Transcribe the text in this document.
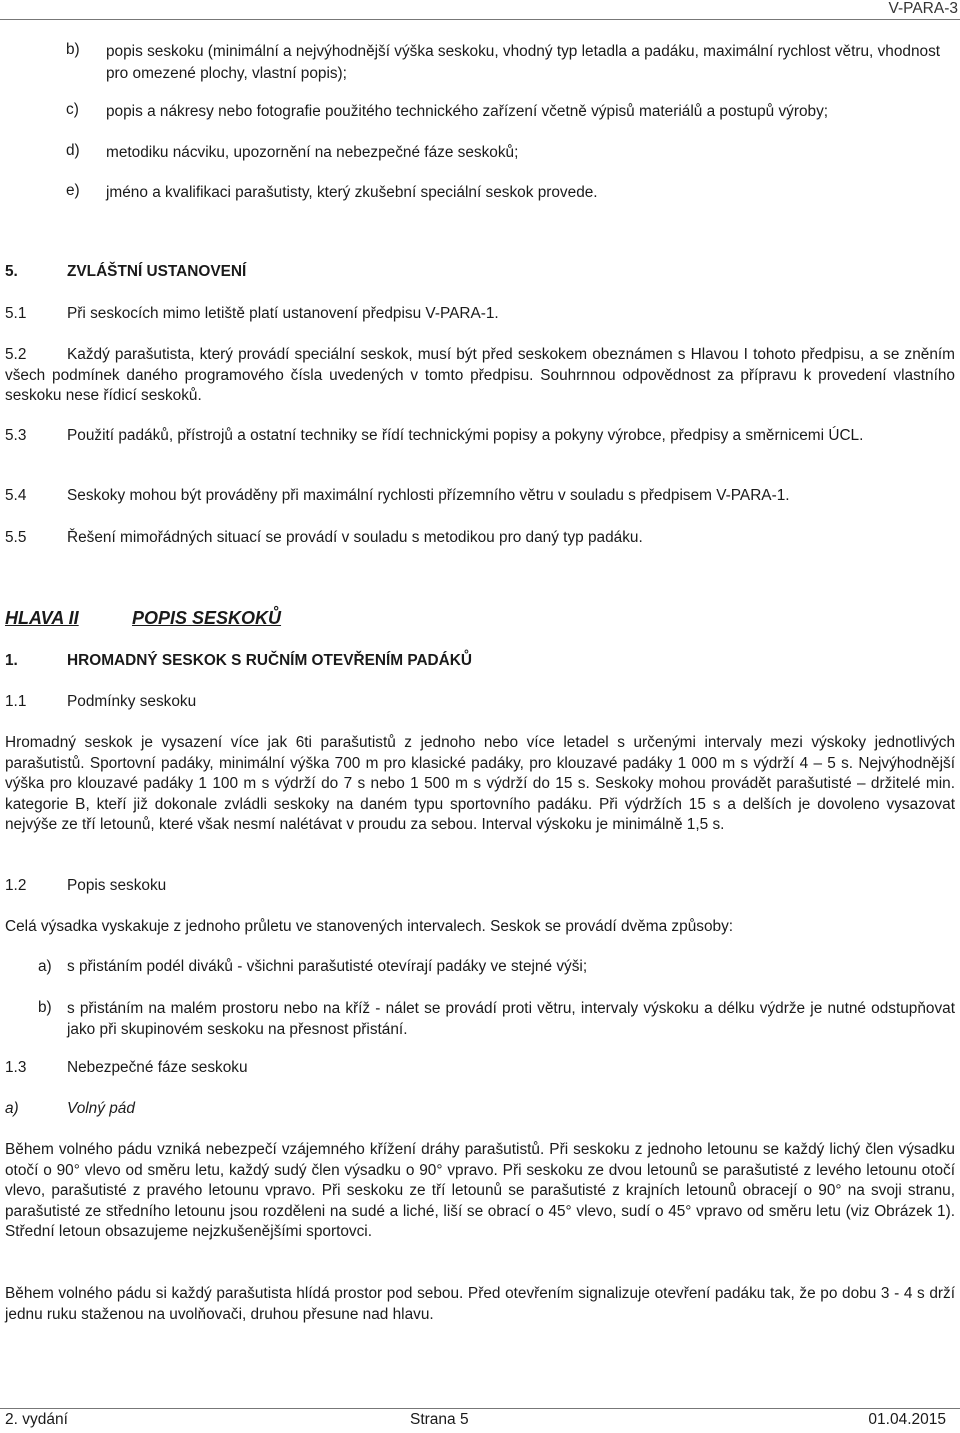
V-PARA-3
b) popis seskoku (minimální a nejvýhodnější výška seskoku, vhodný typ letadla a padáku, maximální rychlost větru, vhodnost pro omezené plochy, vlastní popis);
c) popis a nákresy nebo fotografie použitého technického zařízení včetně výpisů materiálů a postupů výroby;
d) metodiku nácviku, upozornění na nebezpečné fáze seskoků;
e) jméno a kvalifikaci parašutisty, který zkušební speciální seskok provede.
5.	ZVLÁŠTNÍ USTANOVENÍ
5.1	Při seskocích mimo letiště platí ustanovení předpisu V-PARA-1.
5.2	Každý parašutista, který provádí speciální seskok, musí být před seskokem obeznámen s Hlavou I tohoto předpisu, a se zněním všech podmínek daného programového čísla uvedených v tomto předpisu. Souhrnnou odpovědnost za přípravu k provedení vlastního seskoku nese řídicí seskoků.
5.3	Použití padáků, přístrojů a ostatní techniky se řídí technickými popisy a pokyny výrobce, předpisy a směrnicemi ÚCL.
5.4	Seskoky mohou být prováděny při maximální rychlosti přízemního větru v souladu s předpisem V-PARA-1.
5.5	Řešení mimořádných situací se provádí v souladu s metodikou pro daný typ padáku.
HLAVA II	POPIS SESKOKŮ
1.	HROMADNÝ SESKOK S RUČNÍM OTEVŘENÍM PADÁKŮ
1.1	Podmínky seskoku
Hromadný seskok je vysazení více jak 6ti parašutistů z jednoho nebo více letadel s určenými intervaly mezi výskoky jednotlivých parašutistů. Sportovní padáky, minimální výška 700 m pro klasické padáky, pro klouzavé padáky 1 000 m s výdrží 4 – 5 s. Nejvýhodnější výška pro klouzavé padáky 1 100 m s výdrží do 7 s nebo 1 500 m s výdrží do 15 s. Seskoky mohou provádět parašutisté – držitelé min. kategorie B, kteří již dokonale zvládli seskoky na daném typu sportovního padáku. Při výdržích 15 s a delších je dovoleno vysazovat nejvýše ze tří letounů, které však nesmí nalétávat v proudu za sebou. Interval výskoku je minimálně 1,5 s.
1.2	Popis seskoku
Celá výsadka vyskakuje z jednoho průletu ve stanovených intervalech. Seskok se provádí dvěma způsoby:
a) s přistáním podél diváků - všichni parašutisté otevírají padáky ve stejné výši;
b) s přistáním na malém prostoru nebo na kříž - nálet se provádí proti větru, intervaly výskoku a délku výdrže je nutné odstupňovat jako při skupinovém seskoku na přesnost přistání.
1.3	Nebezpečné fáze seskoku
a)	Volný pád
Během volného pádu vzniká nebezpečí vzájemného křížení dráhy parašutistů. Při seskoku z jednoho letounu se každý lichý člen výsadku otočí o 90° vlevo od směru letu, každý sudý člen výsadku o 90° vpravo. Při seskoku ze dvou letounů se parašutisté z levého letounu otočí vlevo, parašutisté z pravého letounu vpravo. Při seskoku ze tří letounů se parašutisté z krajních letounů obracejí o 90° na svoji stranu, parašutisté ze středního letounu jsou rozděleni na sudé a liché, liší se obrací o 45° vlevo, sudí o 45° vpravo od směru letu (viz Obrázek 1). Střední letoun obsazujeme nejzkušenějšími sportovci.
Během volného pádu si každý parašutista hlídá prostor pod sebou. Před otevřením signalizuje otevření padáku tak, že po dobu 3 - 4 s drží jednu ruku staženou na uvolňovači, druhou přesune nad hlavu.
2. vydání	Strana 5	01.04.2015
